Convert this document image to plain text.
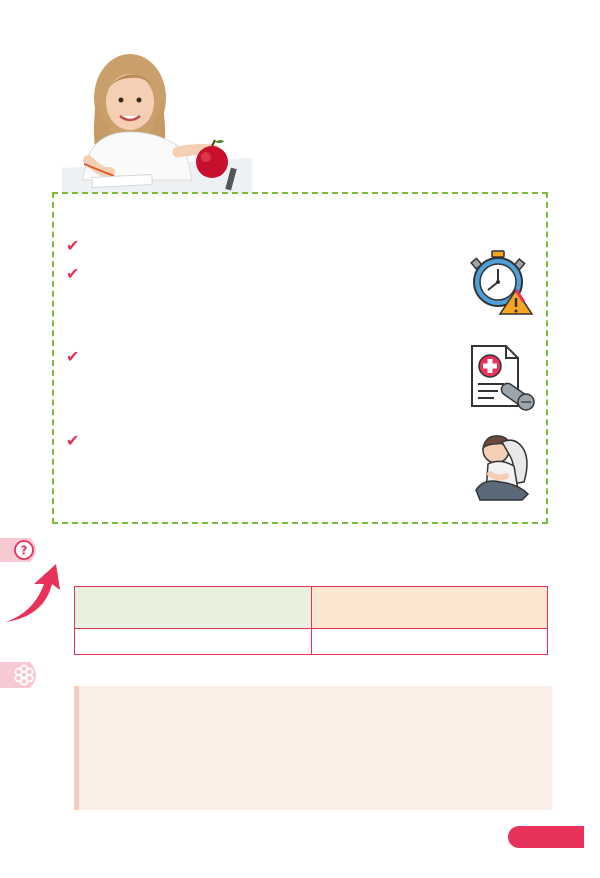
✔
✔
✔
✔
?
